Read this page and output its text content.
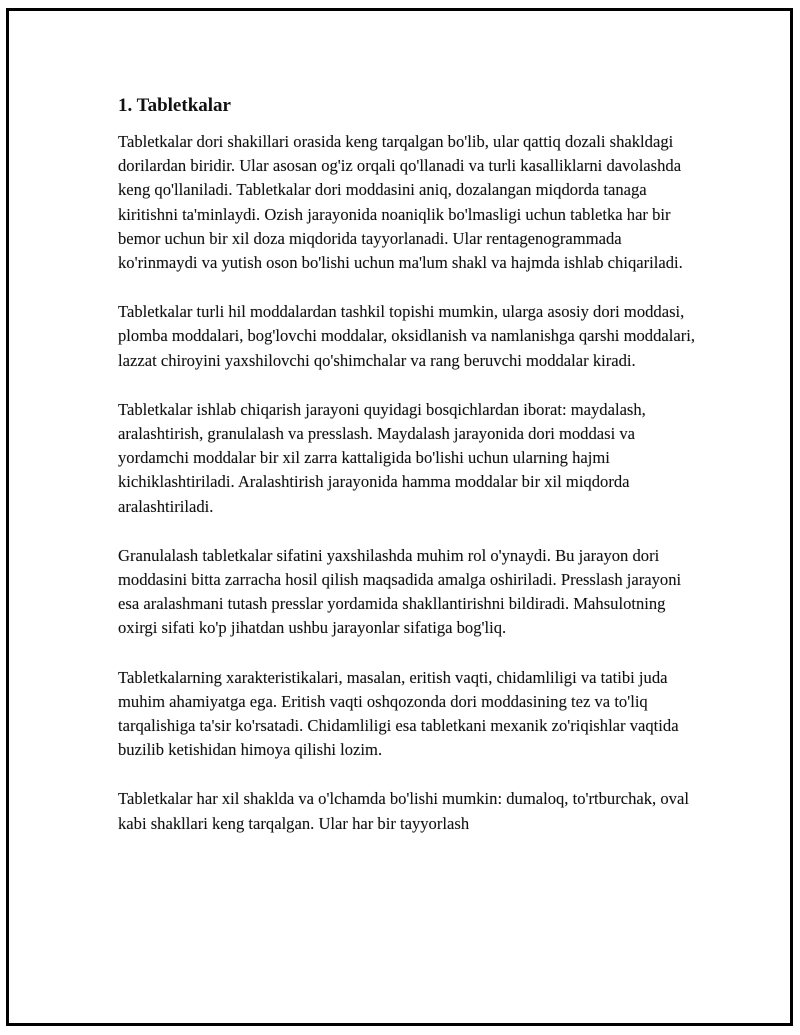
1. Tabletkalar

Tabletkalar dori shakillari orasida keng tarqalgan bo'lib, ular qattiq dozali shakldagi dorilardan biridir. Ular asosan og'iz orqali qo'llanadi va turli kasalliklarni davolashda keng qo'llaniladi. Tabletkalar dori moddasini aniq, dozalangan miqdorda tanaga kiritishni ta'minlaydi. Ozish jarayonida noaniqlik bo'lmasligi uchun tabletka har bir bemor uchun bir xil doza miqdorida tayyorlanadi. Ular rentagenogrammada ko'rinmaydi va yutish oson bo'lishi uchun ma'lum shakl va hajmda ishlab chiqariladi.

Tabletkalar turli hil moddalardan tashkil topishi mumkin, ularga asosiy dori moddasi, plomba moddalari, bog'lovchi moddalar, oksidlanish va namlanishga qarshi moddalari, lazzat chiroyini yaxshilovchi qo'shimchalar va rang beruvchi moddalar kiradi.

Tabletkalar ishlab chiqarish jarayoni quyidagi bosqichlardan iborat: maydalash, aralashtirish, granulalash va presslash. Maydalash jarayonida dori moddasi va yordamchi moddalar bir xil zarra kattaligida bo'lishi uchun ularning hajmi kichiklashtiriladi. Aralashtirish jarayonida hamma moddalar bir xil miqdorda aralashtiriladi.

Granulalash tabletkalar sifatini yaxshilashda muhim rol o'ynaydi. Bu jarayon dori moddasini bitta zarracha hosil qilish maqsadida amalga oshiriladi. Presslash jarayoni esa aralashmani tutash presslar yordamida shakllantirishni bildiradi. Mahsulotning oxirgi sifati ko'p jihatdan ushbu jarayonlar sifatiga bog'liq.

Tabletkalarning xarakteristikalari, masalan, eritish vaqti, chidamliligi va tatibi juda muhim ahamiyatga ega. Eritish vaqti oshqozonda dori moddasining tez va to'liq tarqalishiga ta'sir ko'rsatadi. Chidamliligi esa tabletkani mexanik zo'riqishlar vaqtida buzilib ketishidan himoya qilishi lozim.

Tabletkalar har xil shaklda va o'lchamda bo'lishi mumkin: dumaloq, to'rtburchak, oval kabi shakllari keng tarqalgan. Ular har bir tayyorlash
